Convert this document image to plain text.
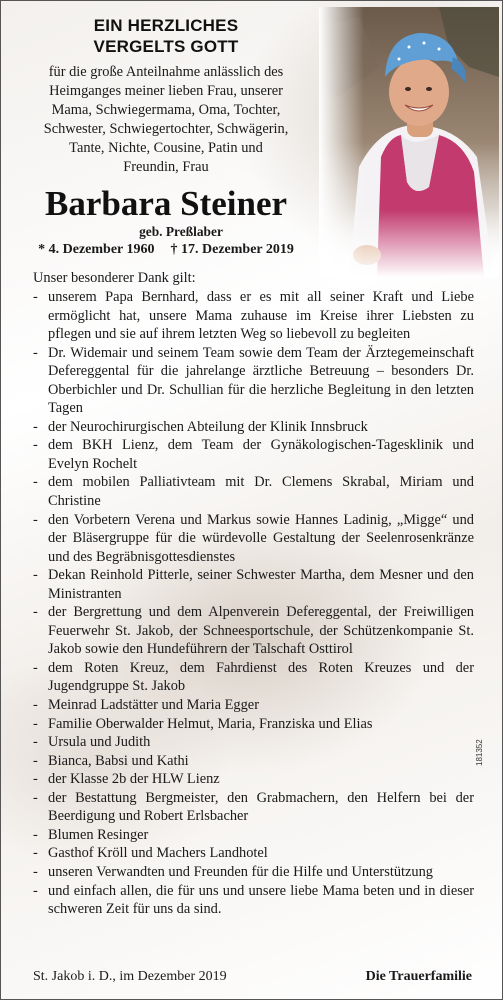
EIN HERZLICHES
VERGELTS GOTT
für die große Anteilnahme anlässlich des
Heimganges meiner lieben Frau, unserer
Mama, Schwiegermama, Oma, Tochter,
Schwester, Schwiegertochter, Schwägerin,
Tante, Nichte, Cousine, Patin und
Freundin, Frau
Barbara Steiner
geb. Preßlaber
* 4. Dezember 1960 † 17. Dezember 2019
Unser besonderer Dank gilt:
- unserem Papa Bernhard, dass er es mit all seiner Kraft und Liebe ermöglicht hat, unsere Mama zuhause im Kreise ihrer Liebsten zu pflegen und sie auf ihrem letzten Weg so liebevoll zu begleiten
- Dr. Widemair und seinem Team sowie dem Team der Ärztegemeinschaft Defereggental für die jahrelange ärztliche Betreuung – besonders Dr. Oberbichler und Dr. Schullian für die herzliche Begleitung in den letzten Tagen
- der Neurochirurgischen Abteilung der Klinik Innsbruck
- dem BKH Lienz, dem Team der Gynäkologischen-Tagesklinik und Evelyn Rochelt
- dem mobilen Palliativteam mit Dr. Clemens Skrabal, Miriam und Christine
- den Vorbetern Verena und Markus sowie Hannes Ladinig, „Migge“ und der Bläsergruppe für die würdevolle Gestaltung der Seelenrosenkränze und des Begräbnisgottesdienstes
- Dekan Reinhold Pitterle, seiner Schwester Martha, dem Mesner und den Ministranten
- der Bergrettung und dem Alpenverein Defereggental, der Freiwilligen Feuerwehr St. Jakob, der Schneesportschule, der Schützenkompanie St. Jakob sowie den Hundeführern der Talschaft Osttirol
- dem Roten Kreuz, dem Fahrdienst des Roten Kreuzes und der Jugendgruppe St. Jakob
- Meinrad Ladstätter und Maria Egger
- Familie Oberwalder Helmut, Maria, Franziska und Elias
- Ursula und Judith
- Bianca, Babsi und Kathi
- der Klasse 2b der HLW Lienz
- der Bestattung Bergmeister, den Grabmachern, den Helfern bei der Beerdigung und Robert Erlsbacher
- Blumen Resinger
- Gasthof Kröll und Machers Landhotel
- unseren Verwandten und Freunden für die Hilfe und Unterstützung
- und einfach allen, die für uns und unsere liebe Mama beten und in dieser schweren Zeit für uns da sind.
181352
St. Jakob i. D., im Dezember 2019	Die Trauerfamilie
